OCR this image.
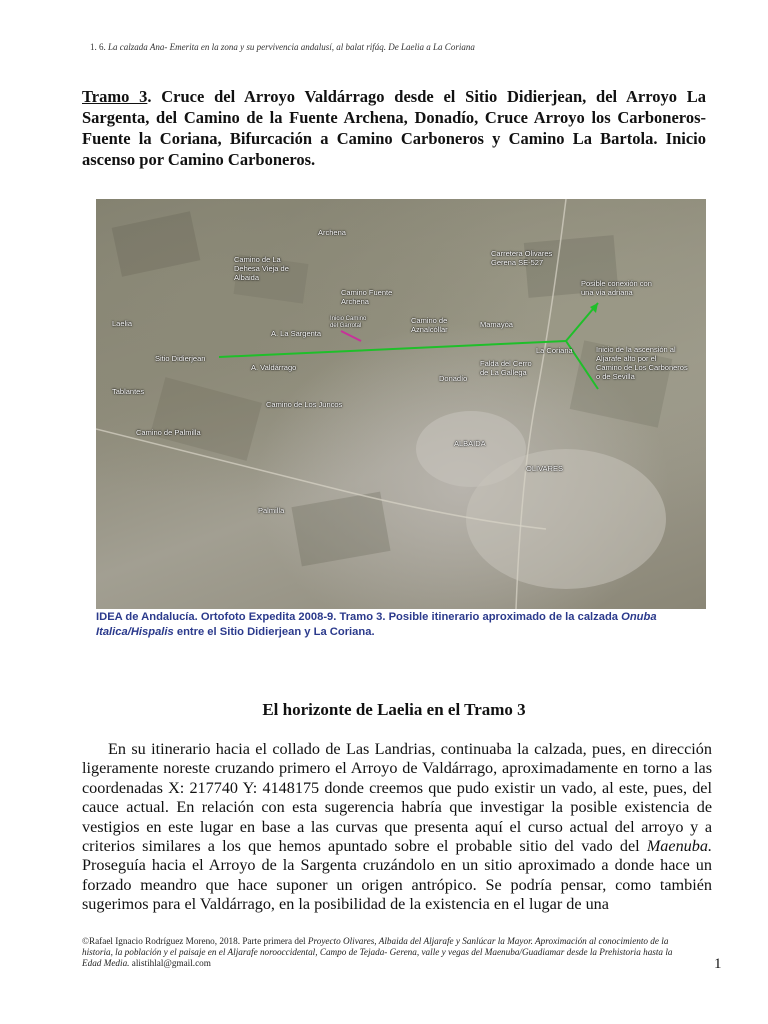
1. 6. La calzada Ana- Emerita en la zona y su pervivencia andalusí, al balat rifáq. De Laelia a La Coriana
Tramo 3. Cruce del Arroyo Valdárrago desde el Sitio Didierjean, del Arroyo La Sargenta, del Camino de la Fuente Archena, Donadío, Cruce Arroyo los Carboneros- Fuente la Coriana, Bifurcación a Camino Carboneros y Camino La Bartola. Inicio ascenso por Camino Carboneros.
Archena
Camino de La
Dehesa Vieja de
Albaida
Carretera Olivares
Gerena SE-527
Posible conexión con
una vía adriana
Camino Fuente
Archena
Laelia	Inicio Camino
del Garrotal
Camino de
Aznalcóllar
Mamayóa
A. La Sargenta
La Coriana	Inicio de la ascensión al
Aljarafe alto por el
Camino de Los Carboneros
o de Sevilla
Sitio Didierjean
A. Valdárrago	Falda del Cerro
de La Gallega
Donadío
Tablantes
Camino de Los Juncos
Camino de Palmilla
ALBAIDA
OLIVARES
Palmilla
IDEA de Andalucía. Ortofoto Expedita 2008-9. Tramo 3. Posible itinerario aproximado de la calzada Onuba Italica/Hispalis entre el Sitio Didierjean y La Coriana.
El horizonte de Laelia en el Tramo 3
En su itinerario hacia el collado de Las Landrias, continuaba la calzada, pues, en dirección ligeramente noreste cruzando primero el Arroyo de Valdárrago, aproximadamente en torno a las coordenadas X: 217740 Y: 4148175 donde creemos que pudo existir un vado, al este, pues, del cauce actual. En relación con esta sugerencia habría que investigar la posible existencia de vestigios en este lugar en base a las curvas que presenta aquí el curso actual del arroyo y a criterios similares a los que hemos apuntado sobre el probable sitio del vado del Maenuba. Proseguía hacia el Arroyo de la Sargenta cruzándolo en un sitio aproximado a donde hace un forzado meandro que hace suponer un origen antrópico. Se podría pensar, como también sugerimos para el Valdárrago, en la posibilidad de la existencia en el lugar de una
©Rafael Ignacio Rodríguez Moreno, 2018. Parte primera del Proyecto Olivares, Albaida del Aljarafe y Sanlúcar la Mayor. Aproximación al conocimiento de la historia, la población y el paisaje en el Aljarafe norooccidental, Campo de Tejada- Gerena, valle y vegas del Maenuba/Guadiamar desde la Prehistoria hasta la Edad Media. alistihlal@gmail.com	1
